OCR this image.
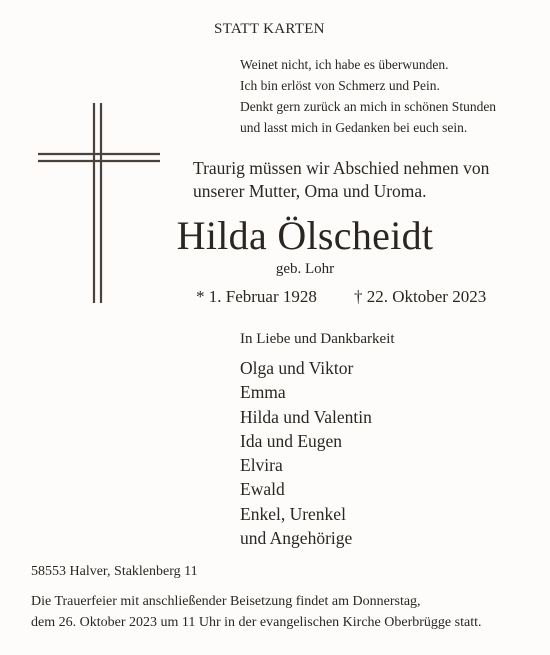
STATT KARTEN
Weinet nicht, ich habe es überwunden.
Ich bin erlöst von Schmerz und Pein.
Denkt gern zurück an mich in schönen Stunden
und lasst mich in Gedanken bei euch sein.
Traurig müssen wir Abschied nehmen von
unserer Mutter, Oma und Uroma.
Hilda Ölscheidt
geb. Lohr
* 1. Februar 1928 † 22. Oktober 2023
In Liebe und Dankbarkeit
Olga und Viktor
Emma
Hilda und Valentin
Ida und Eugen
Elvira
Ewald
Enkel, Urenkel
und Angehörige
58553 Halver, Staklenberg 11
Die Trauerfeier mit anschließender Beisetzung findet am Donnerstag,
dem 26. Oktober 2023 um 11 Uhr in der evangelischen Kirche Oberbrügge statt.
